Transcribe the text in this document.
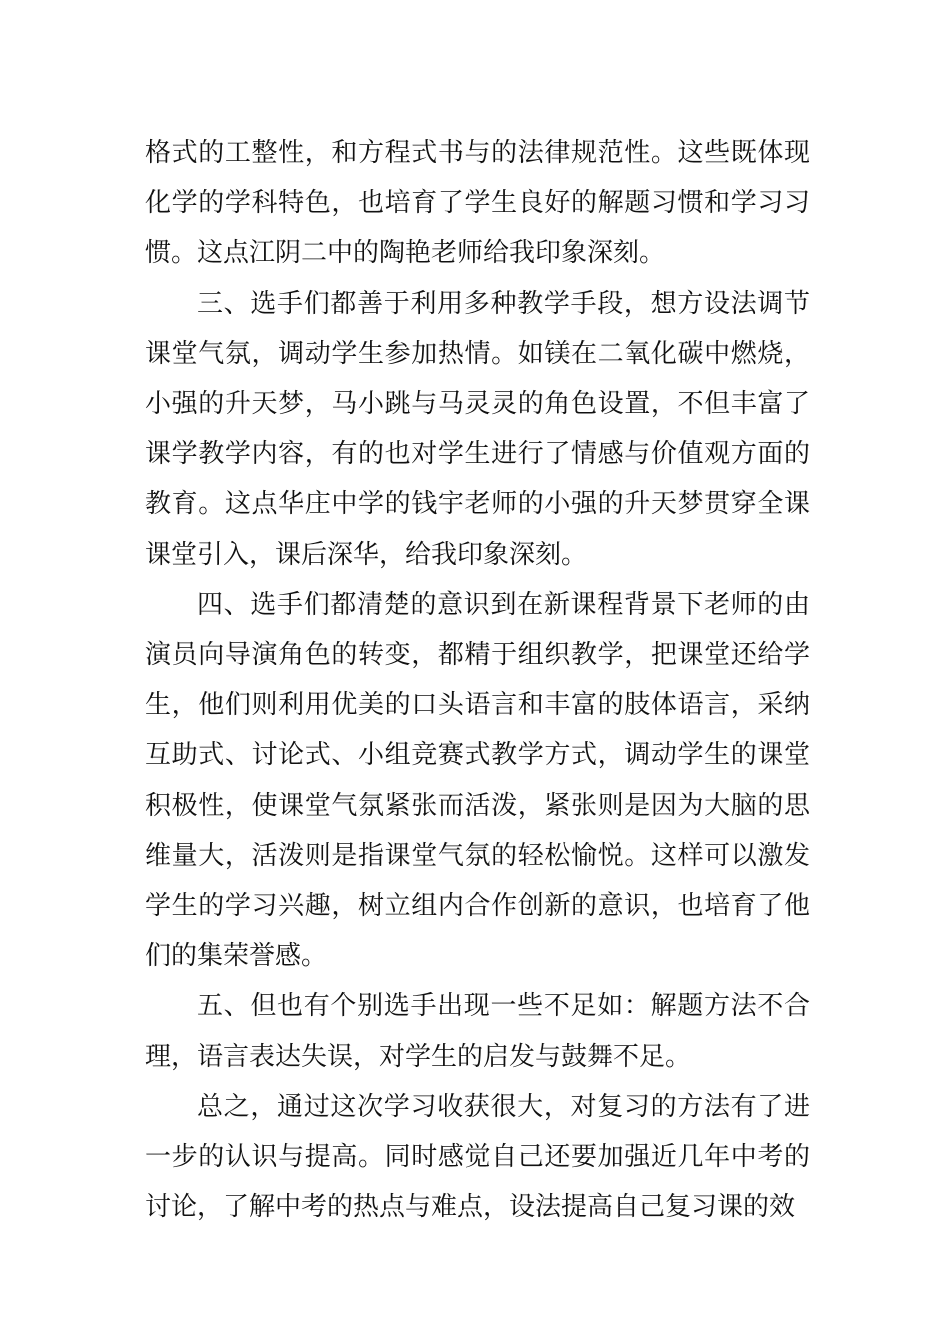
格式的工整性，和方程式书与的法律规范性。这些既体现化学的学科特色，也培育了学生良好的解题习惯和学习习惯。这点江阴二中的陶艳老师给我印象深刻。

三、选手们都善于利用多种教学手段，想方设法调节课堂气氛，调动学生参加热情。如镁在二氧化碳中燃烧，小强的升天梦，马小跳与马灵灵的角色设置，不但丰富了课学教学内容，有的也对学生进行了情感与价值观方面的教育。这点华庄中学的钱宇老师的小强的升天梦贯穿全课课堂引入，课后深华，给我印象深刻。

四、选手们都清楚的意识到在新课程背景下老师的由演员向导演角色的转变，都精于组织教学，把课堂还给学生，他们则利用优美的口头语言和丰富的肢体语言，采纳互助式、讨论式、小组竞赛式教学方式，调动学生的课堂积极性，使课堂气氛紧张而活泼，紧张则是因为大脑的思维量大，活泼则是指课堂气氛的轻松愉悦。这样可以激发学生的学习兴趣，树立组内合作创新的意识，也培育了他们的集荣誉感。

五、但也有个别选手出现一些不足如：解题方法不合理，语言表达失误，对学生的启发与鼓舞不足。

总之，通过这次学习收获很大，对复习的方法有了进一步的认识与提高。同时感觉自己还要加强近几年中考的讨论，了解中考的热点与难点，设法提高自己复习课的效
